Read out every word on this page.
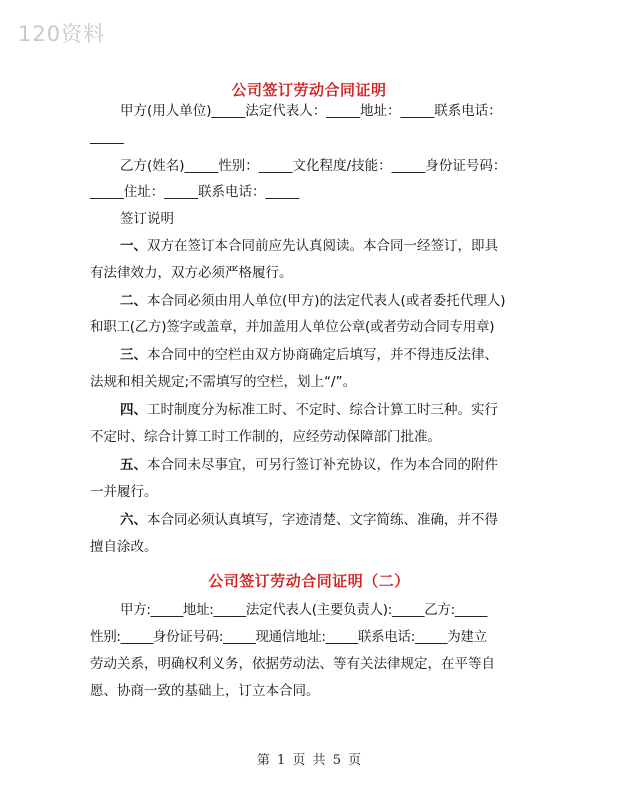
120资料
公司签订劳动合同证明
甲方(用人单位)_____法定代表人：_____地址：_____联系电话：
_____
乙方(姓名)_____性别：_____文化程度/技能：_____身份证号码：
_____住址：_____联系电话：_____
签订说明
一、双方在签订本合同前应先认真阅读。本合同一经签订，即具
有法律效力，双方必须严格履行。
二、本合同必须由用人单位(甲方)的法定代表人(或者委托代理人)
和职工(乙方)签字或盖章，并加盖用人单位公章(或者劳动合同专用章)
三、本合同中的空栏由双方协商确定后填写，并不得违反法律、
法规和相关规定;不需填写的空栏，划上“/”。
四、工时制度分为标准工时、不定时、综合计算工时三种。实行
不定时、综合计算工时工作制的，应经劳动保障部门批准。
五、本合同未尽事宜，可另行签订补充协议，作为本合同的附件
一并履行。
六、本合同必须认真填写，字迹清楚、文字简练、准确，并不得
擅自涂改。
公司签订劳动合同证明（二）
甲方:_____地址:_____法定代表人(主要负责人):_____乙方:_____
性别:_____身份证号码:_____现通信地址:_____联系电话:_____为建立
劳动关系，明确权利义务，依据劳动法、等有关法律规定，在平等自
愿、协商一致的基础上，订立本合同。
第 1 页 共 5 页
